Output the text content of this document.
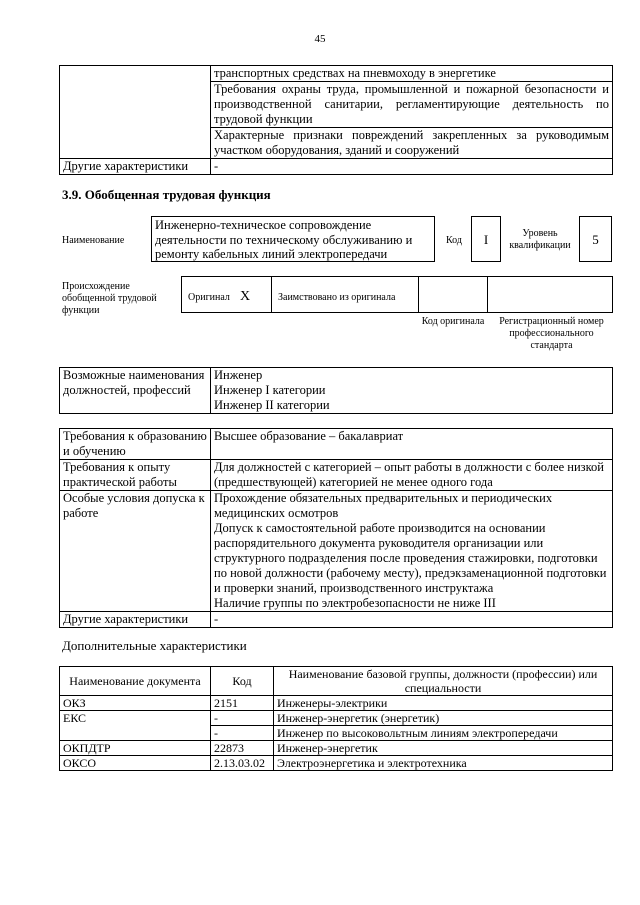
45
	транспортных средствах на пневмоходу в энергетике
	Требования охраны труда, промышленной и пожарной безопасности и производственной санитарии, регламентирующие деятельность по трудовой функции
	Характерные признаки повреждений закрепленных за руководимым участком оборудования, зданий и сооружений
Другие характеристики	-
3.9. Обобщенная трудовая функция
Наименование
Инженерно-техническое сопровождение деятельности по техническому обслуживанию и ремонту кабельных линий электропередачи
Код	I	Уровень квалификации	5
Происхождение обобщенной трудовой функции
Оригинал X	Заимствовано из оригинала
Код оригинала	Регистрационный номер профессионального стандарта
Возможные наименования должностей, профессий	
Инженер
Инженер I категории
Инженер II категории
Требования к образованию и обучению	Высшее образование – бакалавриат
Требования к опыту практической работы	Для должностей с категорией – опыт работы в должности с более низкой (предшествующей) категорией не менее одного года
Особые условия допуска к работе	Прохождение обязательных предварительных и периодических медицинских осмотров
Допуск к самостоятельной работе производится на основании распорядительного документа руководителя организации или структурного подразделения после проведения стажировки, подготовки по новой должности (рабочему месту), предэкзаменационной подготовки и проверки знаний, производственного инструктажа
Наличие группы по электробезопасности не ниже III

Другие характеристики	-
Дополнительные характеристики
Наименование документа	Код	Наименование базовой группы, должности (профессии) или специальности
ОКЗ	2151	Инженеры-электрики
ЕКС	-	Инженер-энергетик (энергетик)
	-	Инженер по высоковольтным линиям электропередачи
ОКПДТР	22873	Инженер-энергетик
ОКСО	2.13.03.02	Электроэнергетика и электротехника
